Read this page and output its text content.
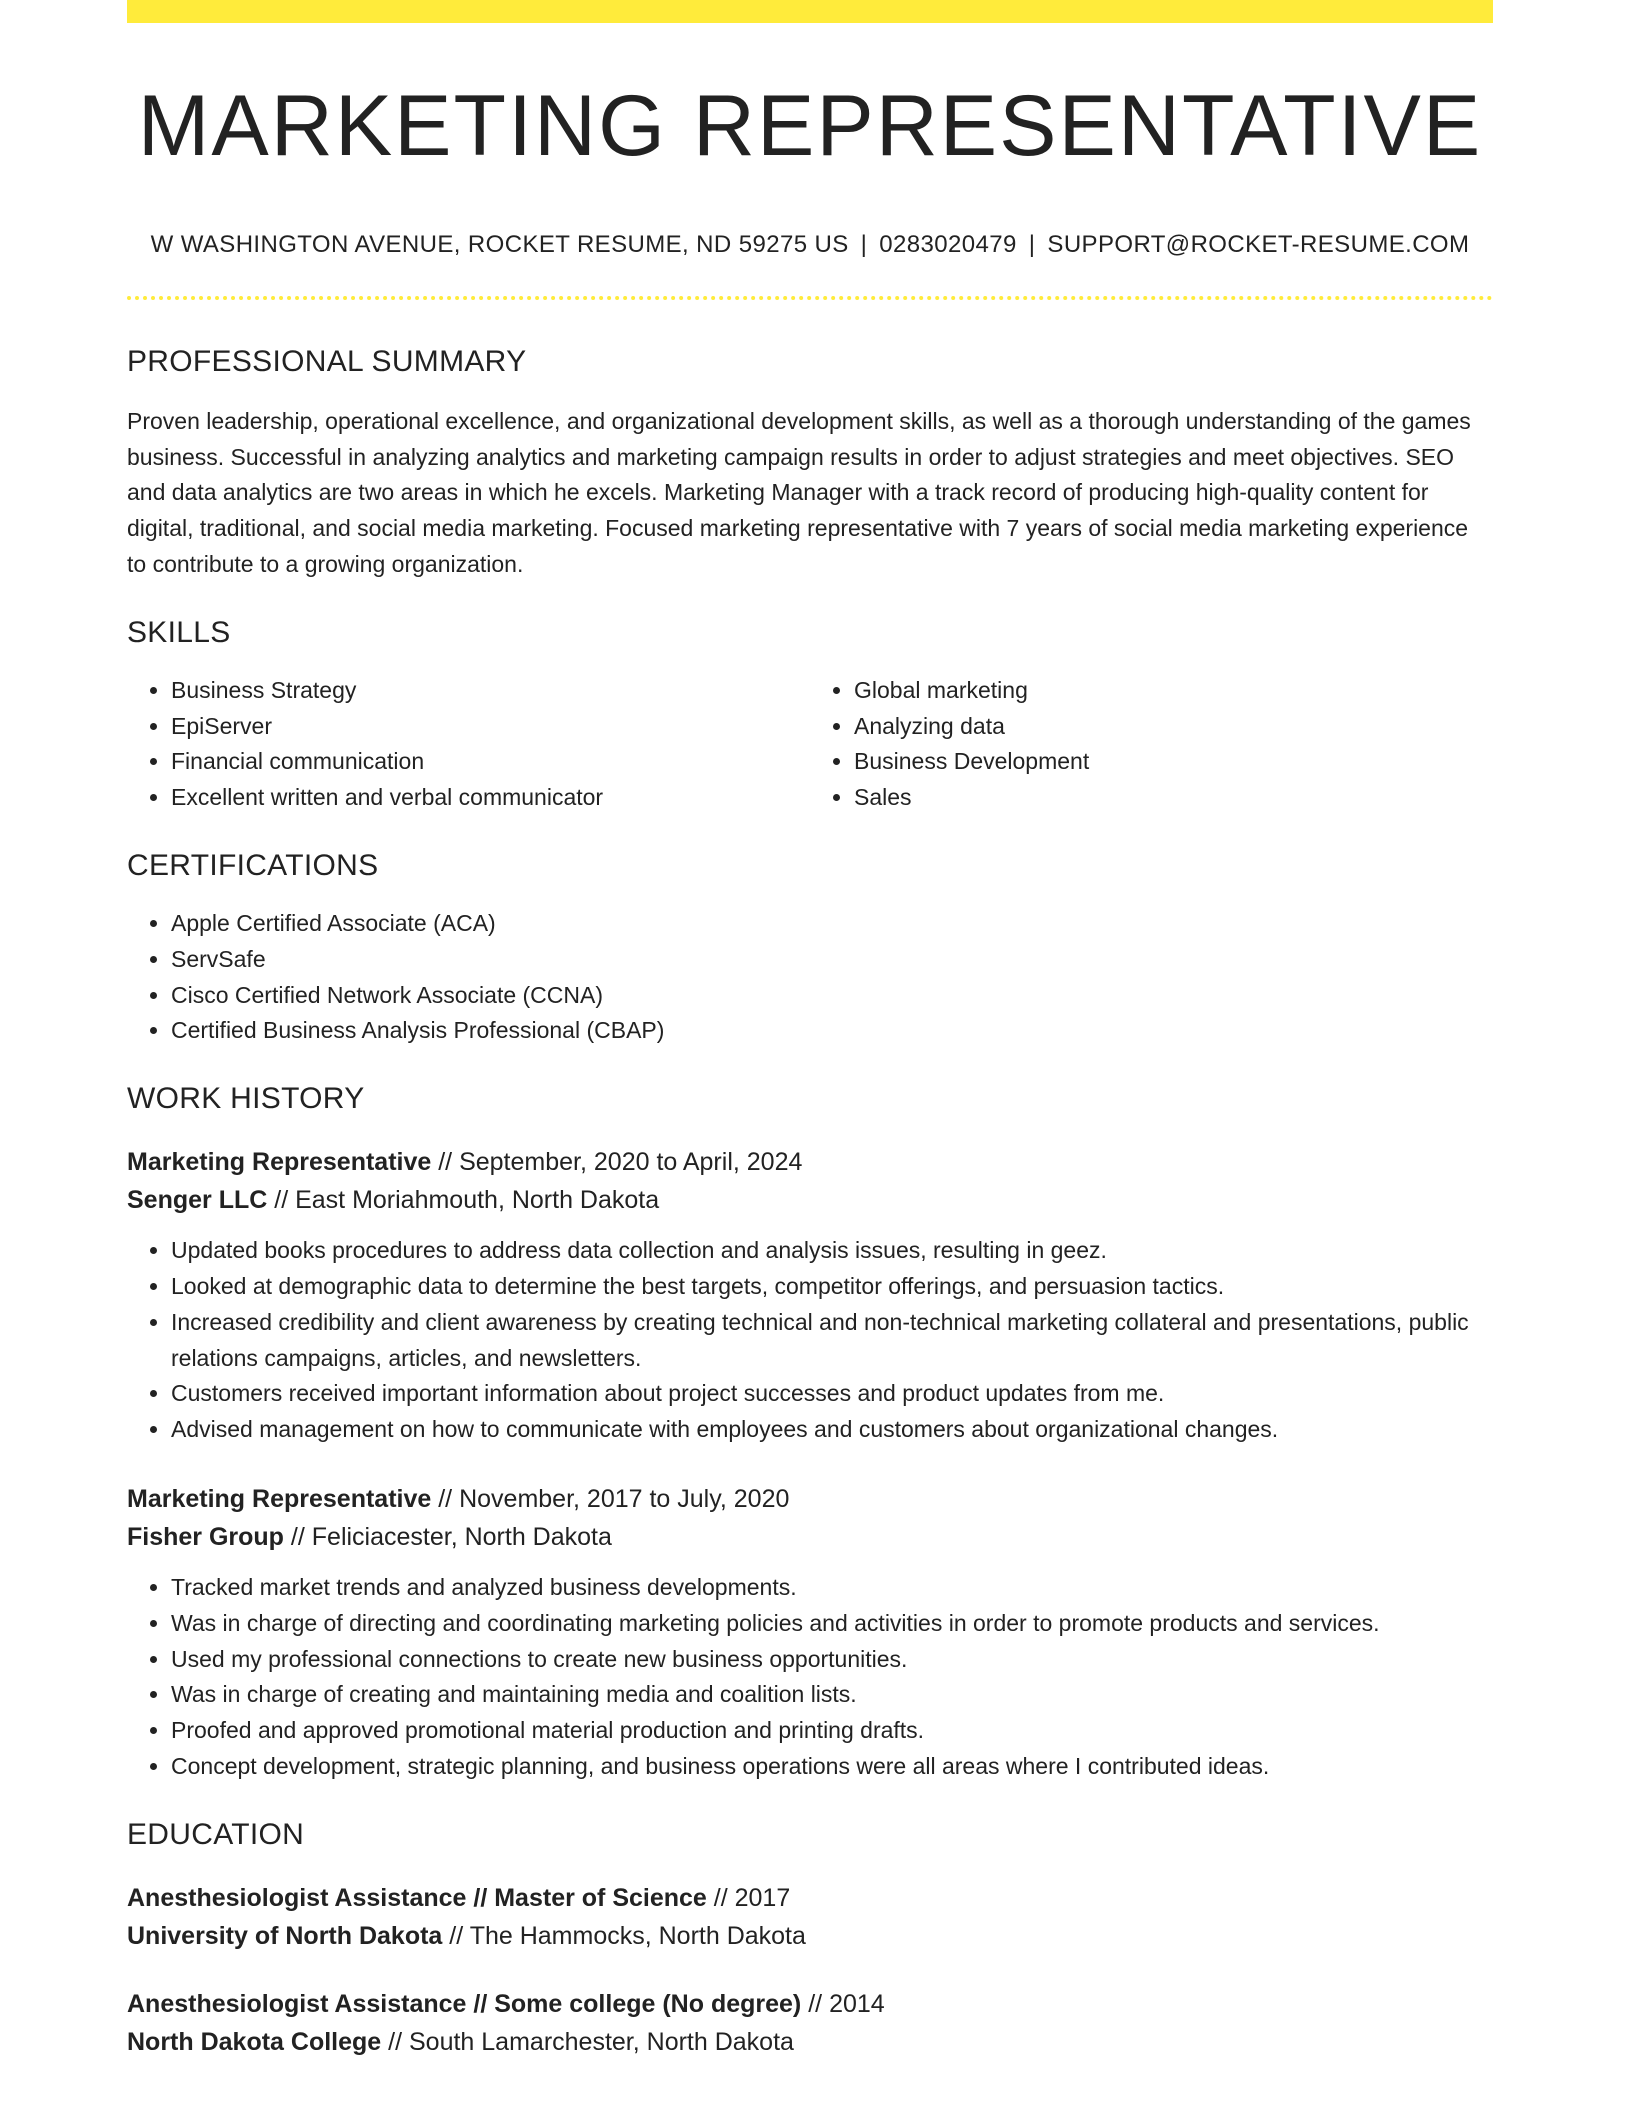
MARKETING REPRESENTATIVE
W WASHINGTON AVENUE, ROCKET RESUME, ND 59275 US | 0283020479 | SUPPORT@ROCKET-RESUME.COM
PROFESSIONAL SUMMARY

Proven leadership, operational excellence, and organizational development skills, as well as a thorough understanding of the games business. Successful in analyzing analytics and marketing campaign results in order to adjust strategies and meet objectives. SEO and data analytics are two areas in which he excels. Marketing Manager with a track record of producing high-quality content for digital, traditional, and social media marketing. Focused marketing representative with 7 years of social media marketing experience to contribute to a growing organization.

SKILLS
• Business Strategy
• EpiServer
• Financial communication
• Excellent written and verbal communicator
• Global marketing
• Analyzing data
• Business Development
• Sales
CERTIFICATIONS
• Apple Certified Associate (ACA)
• ServSafe
• Cisco Certified Network Associate (CCNA)
• Certified Business Analysis Professional (CBAP)
WORK HISTORY
Marketing Representative // September, 2020 to April, 2024
Senger LLC // East Moriahmouth, North Dakota
• Updated books procedures to address data collection and analysis issues, resulting in geez.
• Looked at demographic data to determine the best targets, competitor offerings, and persuasion tactics.
• Increased credibility and client awareness by creating technical and non-technical marketing collateral and presentations, public relations campaigns, articles, and newsletters.
• Customers received important information about project successes and product updates from me.
• Advised management on how to communicate with employees and customers about organizational changes.
Marketing Representative // November, 2017 to July, 2020
Fisher Group // Feliciacester, North Dakota
• Tracked market trends and analyzed business developments.
• Was in charge of directing and coordinating marketing policies and activities in order to promote products and services.
• Used my professional connections to create new business opportunities.
• Was in charge of creating and maintaining media and coalition lists.
• Proofed and approved promotional material production and printing drafts.
• Concept development, strategic planning, and business operations were all areas where I contributed ideas.
EDUCATION
Anesthesiologist Assistance // Master of Science // 2017
University of North Dakota // The Hammocks, North Dakota
Anesthesiologist Assistance // Some college (No degree) // 2014
North Dakota College // South Lamarchester, North Dakota
